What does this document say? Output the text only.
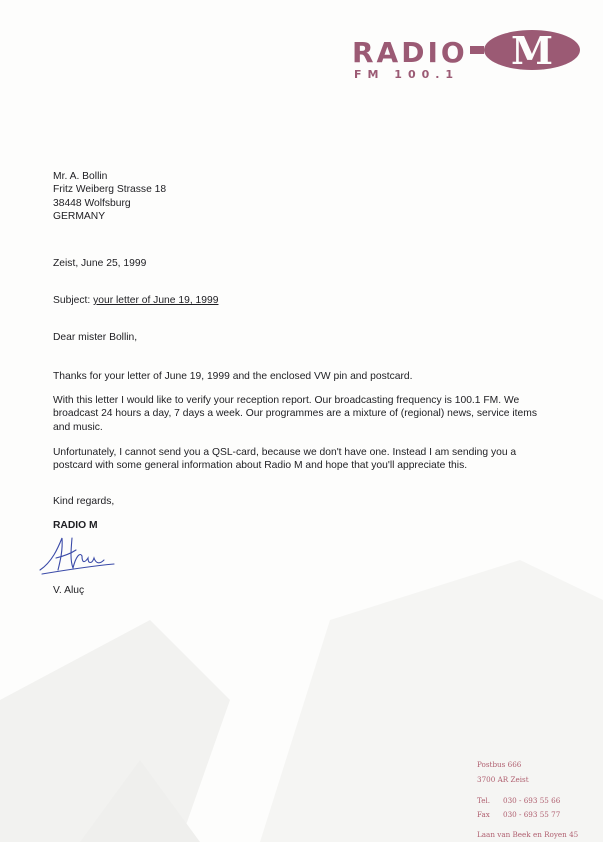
RADIO M
FM 100.1
Mr. A. Bollin
Fritz Weiberg Strasse 18
38448 Wolfsburg
GERMANY
Zeist, June 25, 1999
Subject: your letter of June 19, 1999
Dear mister Bollin,
Thanks for your letter of June 19, 1999 and the enclosed VW pin and postcard.
With this letter I would like to verify your reception report. Our broadcasting frequency is 100.1 FM. We broadcast 24 hours a day, 7 days a week. Our programmes are a mixture of (regional) news, service items and music.
Unfortunately, I cannot send you a QSL-card, because we don't have one. Instead I am sending you a postcard with some general information about Radio M and hope that you'll appreciate this.
Kind regards,
RADIO M
V. Aluç
Postbus 666
3700 AR Zeist
Tel. 030 - 693 55 66
Fax 030 - 693 55 77
Laan van Beek en Royen 45
